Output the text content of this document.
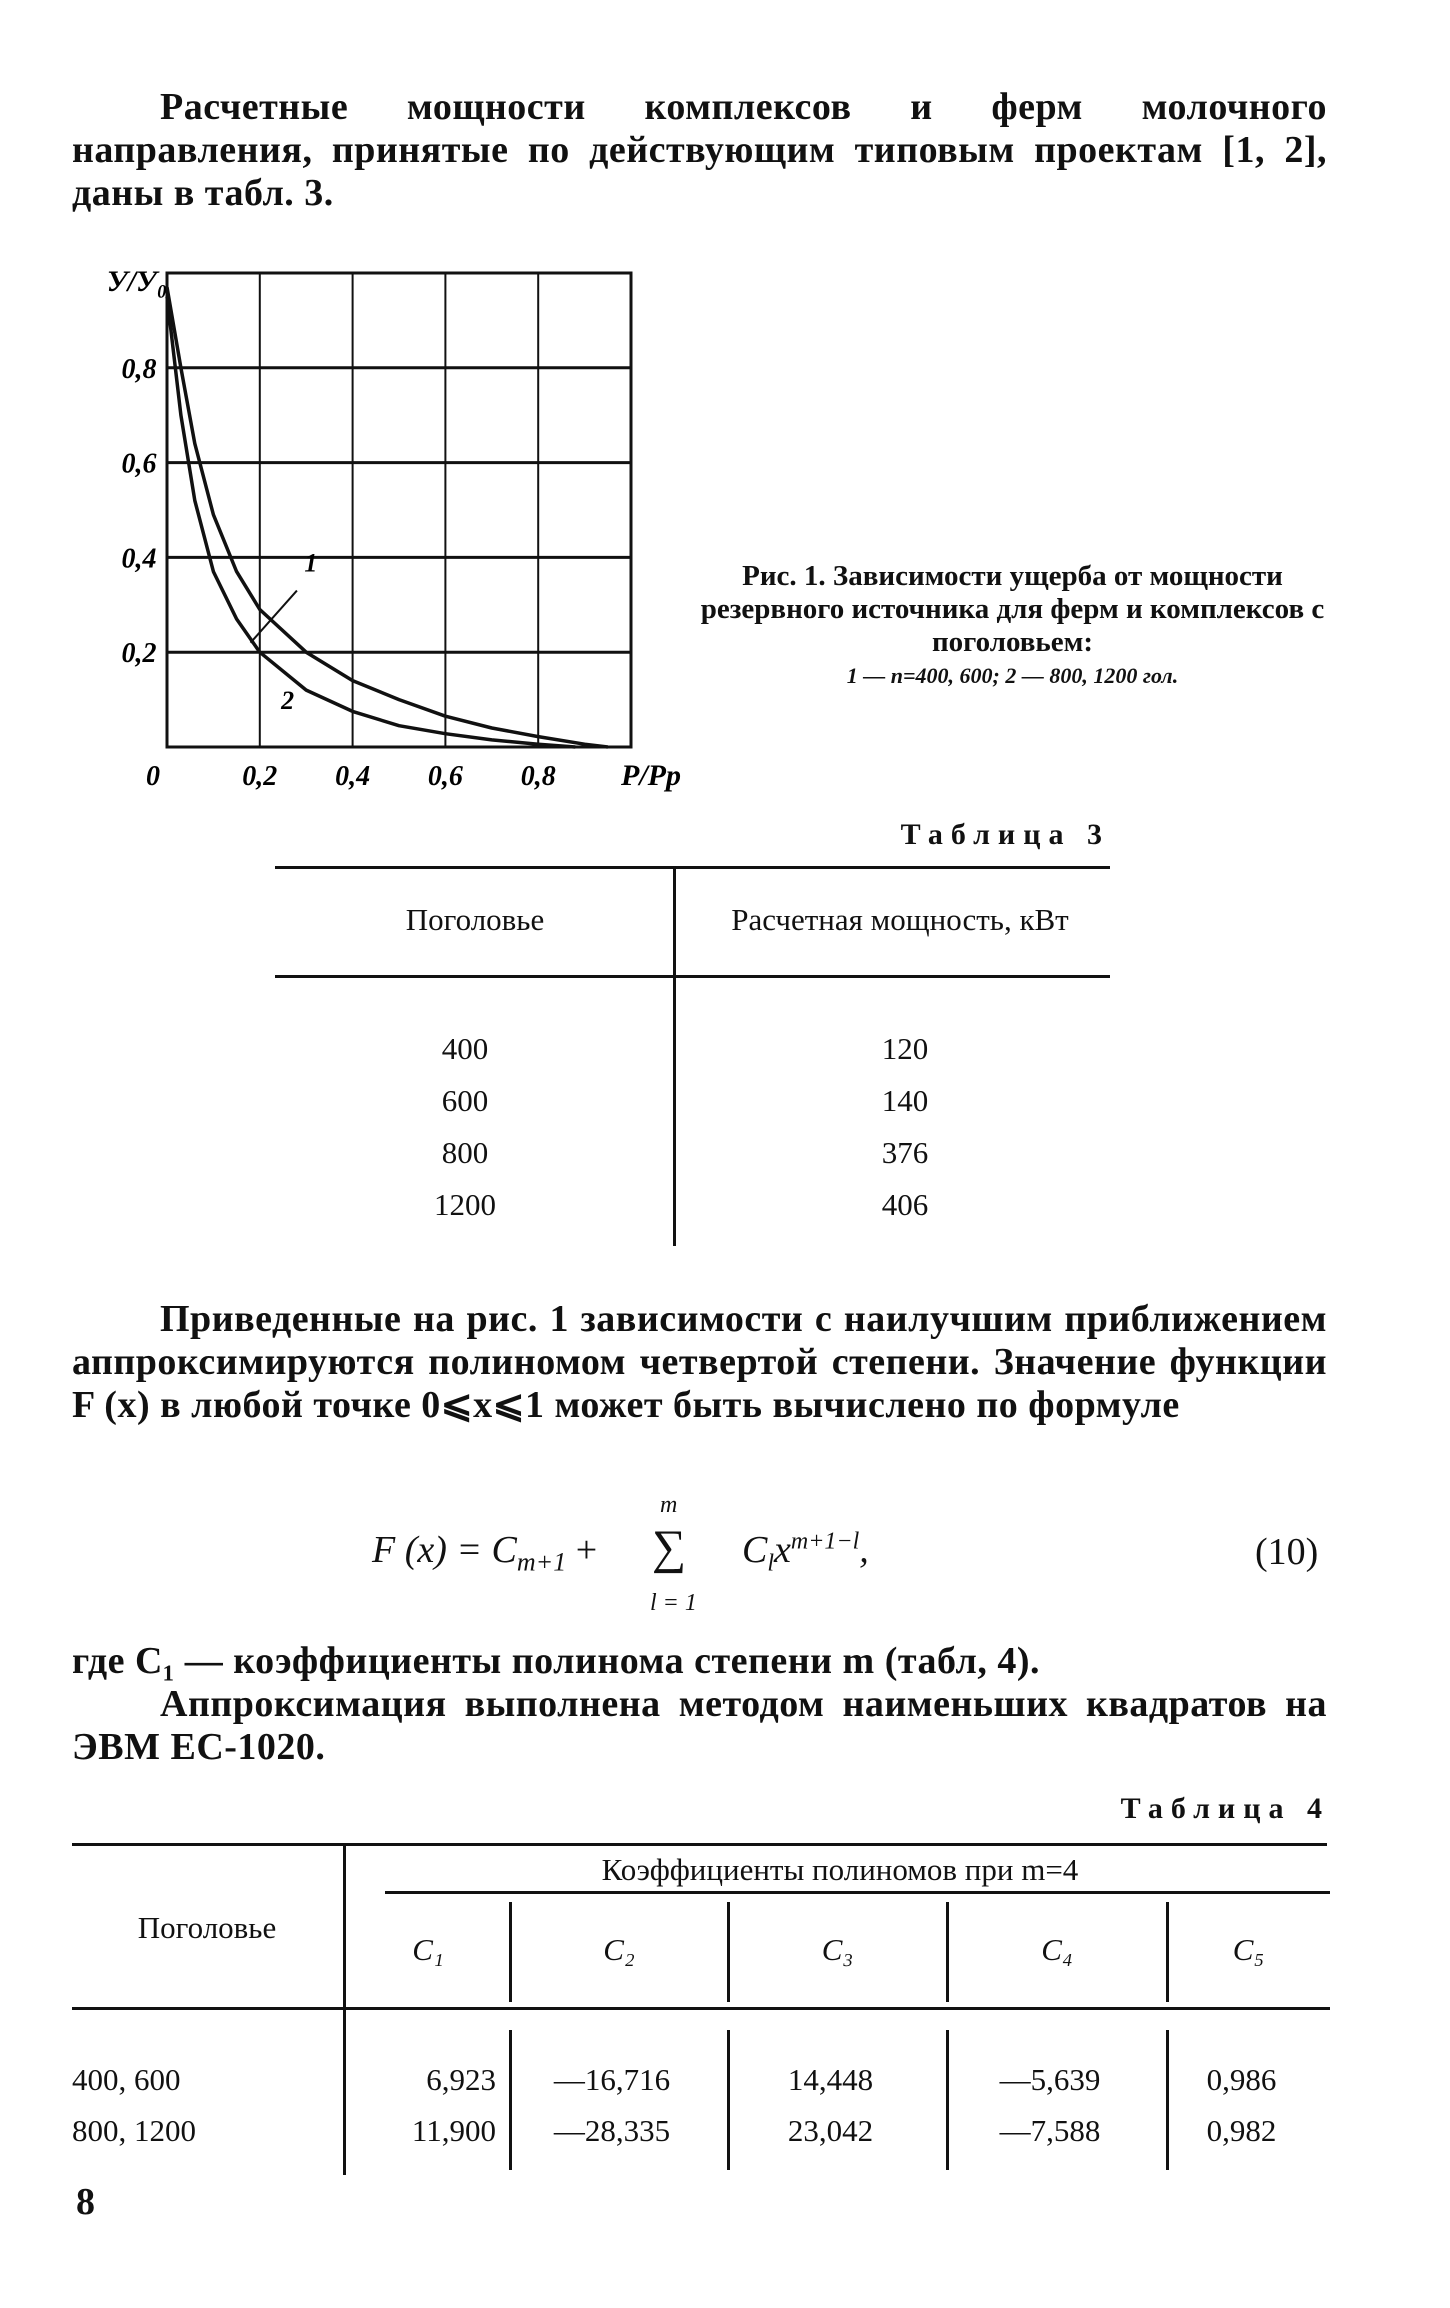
Расчетные мощности комплексов и ферм молочного направления, принятые по действующим типовым проектам [1, 2], даны в табл. 3.

0	0,2 0,4 0,6 0,8
0,2
0,4
0,6
0,8
P/Pр
У/У₀
1
2
Рис. 1. Зависимости ущерба от мощности резервного источника для ферм и комплексов с поголовьем:
1 — n=400, 600; 2 — 800, 1200 гол.
Таблица 3
Поголовье	Расчетная мощность, кВт
400	120
600	140
800	376
1200	406

Приведенные на рис. 1 зависимости с наилучшим приближением аппроксимируются полиномом четвертой степени. Значение функции F (x) в любой точке 0⩽x⩽1 может быть вычислено по формуле

F $(x) = C_{m+1}$ +
m
∑
l = 1
$C_lx^{m+1-l}$,	(10)

где C₁ — коэффициенты полинома степени m (табл, 4).

Аппроксимация выполнена методом наименьших квадратов на ЭВМ ЕС-1020.

Таблица 4
Поголовье
Коэффициенты полиномов при m=4
C₁	C₂	C₃	C₄	C₅
400, 600	6,923	—16,716	14,448	—5,639	0,986
800, 1200	11,900	—28,335	23,042	—7,588	0,982
8
